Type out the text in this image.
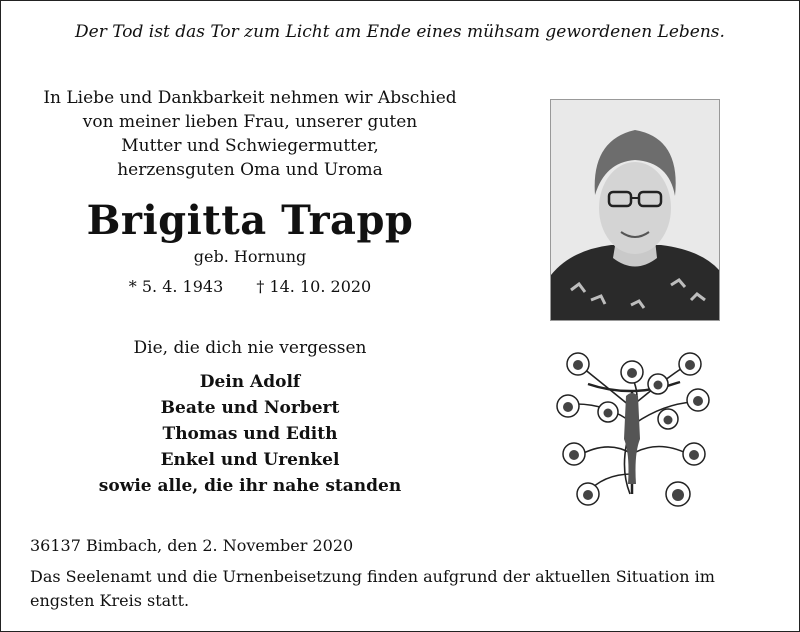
Der Tod ist das Tor zum Licht am Ende eines mühsam gewordenen Lebens.
In Liebe und Dankbarkeit nehmen wir Abschied
von meiner lieben Frau, unserer guten
Mutter und Schwiegermutter,
herzensguten Oma und Uroma
Brigitta Trapp
geb. Hornung
* 5. 4. 1943 † 14. 10. 2020
Die, die dich nie vergessen
Dein Adolf
Beate und Norbert
Thomas und Edith
Enkel und Urenkel
sowie alle, die ihr nahe standen
36137 Bimbach, den 2. November 2020
Das Seelenamt und die Urnenbeisetzung finden aufgrund der aktuellen Situation im engsten Kreis statt.
